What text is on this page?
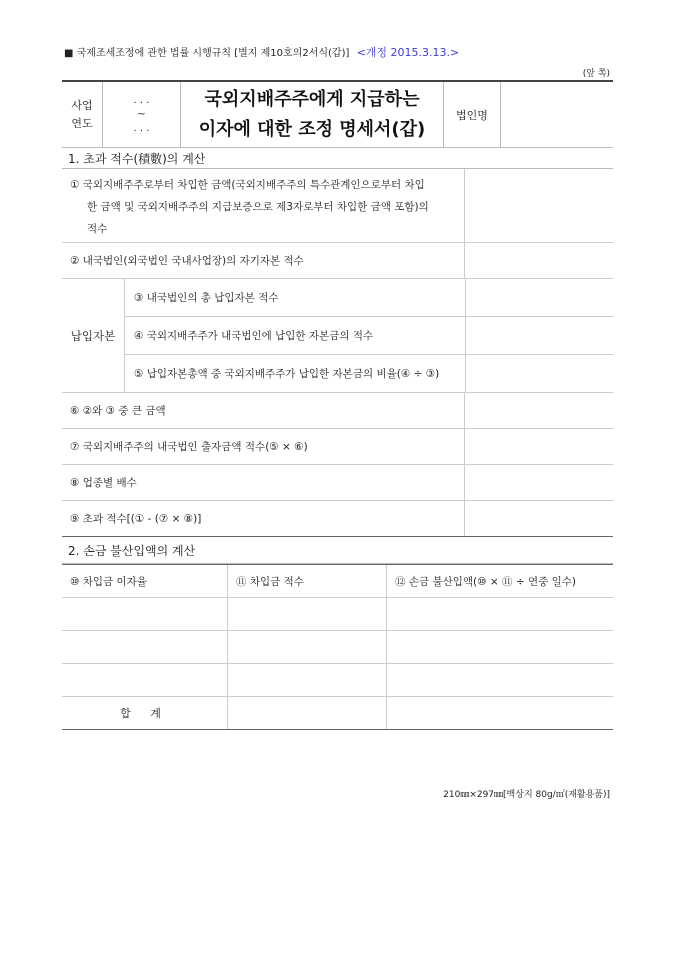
■ 국제조세조정에 관한 법률 시행규칙 [별지 제10호의2서식(갑)] <개정 2015.3.13.>
(앞 쪽)
사업
연도
. . .
~
. . .
국외지배주주에게 지급하는
이자에 대한 조정 명세서(갑)
법인명
1. 초과 적수(積數)의 계산
① 국외지배주주로부터 차입한 금액(국외지배주주의 특수관계인으로부터 차입
한 금액 및 국외지배주주의 지급보증으로 제3자로부터 차입한 금액 포함)의
적수
② 내국법인(외국법인 국내사업장)의 자기자본 적수
납입자본
③ 내국법인의 총 납입자본 적수
④ 국외지배주주가 내국법인에 납입한 자본금의 적수
⑤ 납입자본총액 중 국외지배주주가 납입한 자본금의 비율(④ ÷ ③)
⑥ ②와 ③ 중 큰 금액
⑦ 국외지배주주의 내국법인 출자금액 적수(⑤ × ⑥)
⑧ 업종별 배수
⑨ 초과 적수[(① - (⑦ × ⑧)]
2. 손금 불산입액의 계산
⑩ 차입금 이자율	⑪ 차입금 적수	⑫ 손금 불산입액(⑩ × ⑪ ÷ 연중 일수)
합 계
210㎜×297㎜[백상지 80g/㎡(재활용품)]
